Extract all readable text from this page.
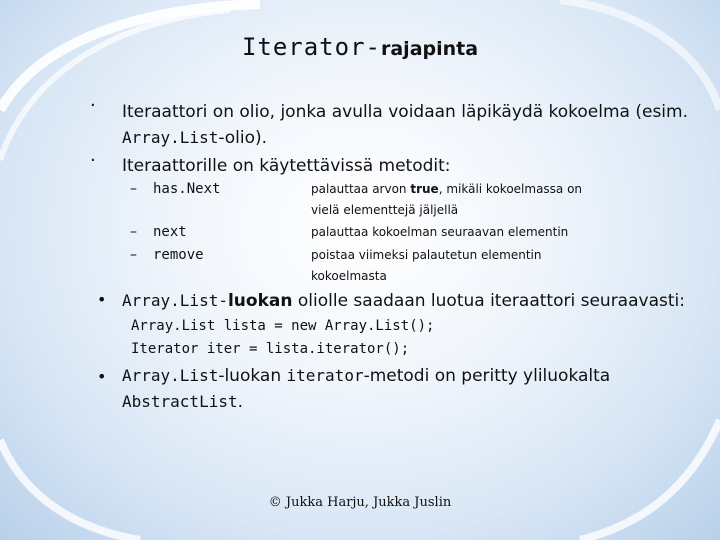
Iterator-rajapinta
· Iteraattori on olio, jonka avulla voidaan läpikäydä kokoelma (esim.
Array.List-olio).
· Iteraattorille on käytettävissä metodit:
– has.Next	palauttaa arvon true, mikäli kokoelmassa on
vielä elementtejä jäljellä
– next	palauttaa kokoelman seuraavan elementin
– remove	poistaa viimeksi palautetun elementin
kokoelmasta
• Array.List-luokan oliolle saadaan luotua iteraattori seuraavasti:
Array.List lista = new Array.List();
Iterator iter = lista.iterator();
• Array.List-luokan iterator-metodi on peritty yliluokalta
AbstractList.
© Jukka Harju, Jukka Juslin
